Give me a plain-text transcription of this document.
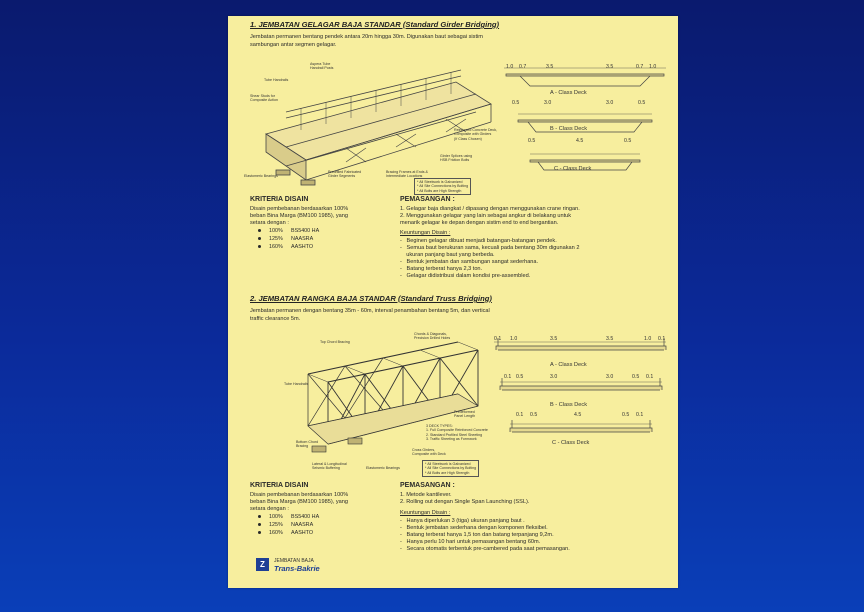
1. JEMBATAN GELAGAR BAJA STANDAR (Standard Girder Bridging)
Jembatan permanen bentang pendek antara 20m hingga 30m. Digunakan baut sebagai sistim
sambungan antar segmen gelagar.
Aspera Tube
Handrail Posts
Tube Handrails
Shear Studs for
Composite Action
Reinforced Concrete Deck,
Composite with Girders
(If Class Chosen)
Girder Splices using
HSB Friction Bolts
Elastomeric Bearings
Predrilled Fabricated
Girder Segments
Bracing Frames at Ends &
Intermediate Locations
* All Steelwork is Galvanized
* All Site Connections by Bolting
* All Bolts are High Strength
1.0 0.7	3.5	3.5	0.7 1.0
A - Class Deck
0.5	3.0	3.0	0.5
B - Class Deck
0.5	4.5	0.5
C - Class Deck
KRITERIA DISAIN
Disain pembebanan berdasarkan 100%
beban Bina Marga (BM100 1985), yang
setara dengan :
100% BS5400 HA
125% NAASRA
160% AASHTO
PEMASANGAN :
1. Gelagar baja diangkat / dipasang dengan menggunakan crane ringan.
2. Menggunakan gelagar yang lain sebagai angkur di belakang untuk
menarik gelagar ke depan dengan sistim end to end bergantian.
Keuntungan Disain :
-   Beginen gelagar dibuat menjadi batangan-batangan pendek.
-   Semua baut berukuran sama, kecuali pada bentang 30m digunakan 2
ukuran panjang baut yang berbeda.
-   Bentuk jembatan dan sambungan sangat sederhana.
-   Batang terberat hanya 2,3 ton.
-   Gelagar didistribusi dalam kondisi pre-assembled.
2. JEMBATAN RANGKA BAJA STANDAR (Standard Truss Bridging)
Jembatan permanen dengan bentang 35m - 60m, interval penambahan bentang 5m, dan vertical
traffic clearance 5m.
Chords & Diagonals,
Precision Drilled Holes
Top Chord Bracing
Tube Handrails
Predeformed
Panel Length
3 DECK TYPES:
1. Full Composite Reinforced Concrete
2. Standard Profiled Steel Sheeting
3. Traffic Sheeting as Formwork
Bottom Chord
Bracing
Cross Girders,
Composite with Deck
Lateral & Longitudinal
Seismic Buffering	Elastomeric Bearings
* All Steelwork is Galvanized
* All Site Connections by Bolting
* All Bolts are High Strength
0.1 1.0	3.5	3.5	1.0 0.1
A - Class Deck
0.1 0.5	3.0	3.0	0.5 0.1
B - Class Deck
0.1 0.5	4.5	0.5 0.1
C - Class Deck
KRITERIA DISAIN
Disain pembebanan berdasarkan 100%
beban Bina Marga (BM100 1985), yang
setara dengan :
100% BS5400 HA
125% NAASRA
160% AASHTO
PEMASANGAN :
1. Metode kantilever.
2. Rolling out dengan Single Span Launching (SSL).
Keuntungan Disain :
-   Hanya diperlukan 3 (tiga) ukuran panjang baut .
-   Bentuk jembatan sederhana dengan komponen fleksibel.
-   Batang terberat hanya 1,5 ton dan batang terpanjang 9,2m.
-   Hanya perlu 10 hari untuk pemasangan bentang 60m.
-   Secara otomatis terbentuk pre-cambered pada saat pemasangan.
Z	JEMBATAN BAJA
Trans-Bakrie
